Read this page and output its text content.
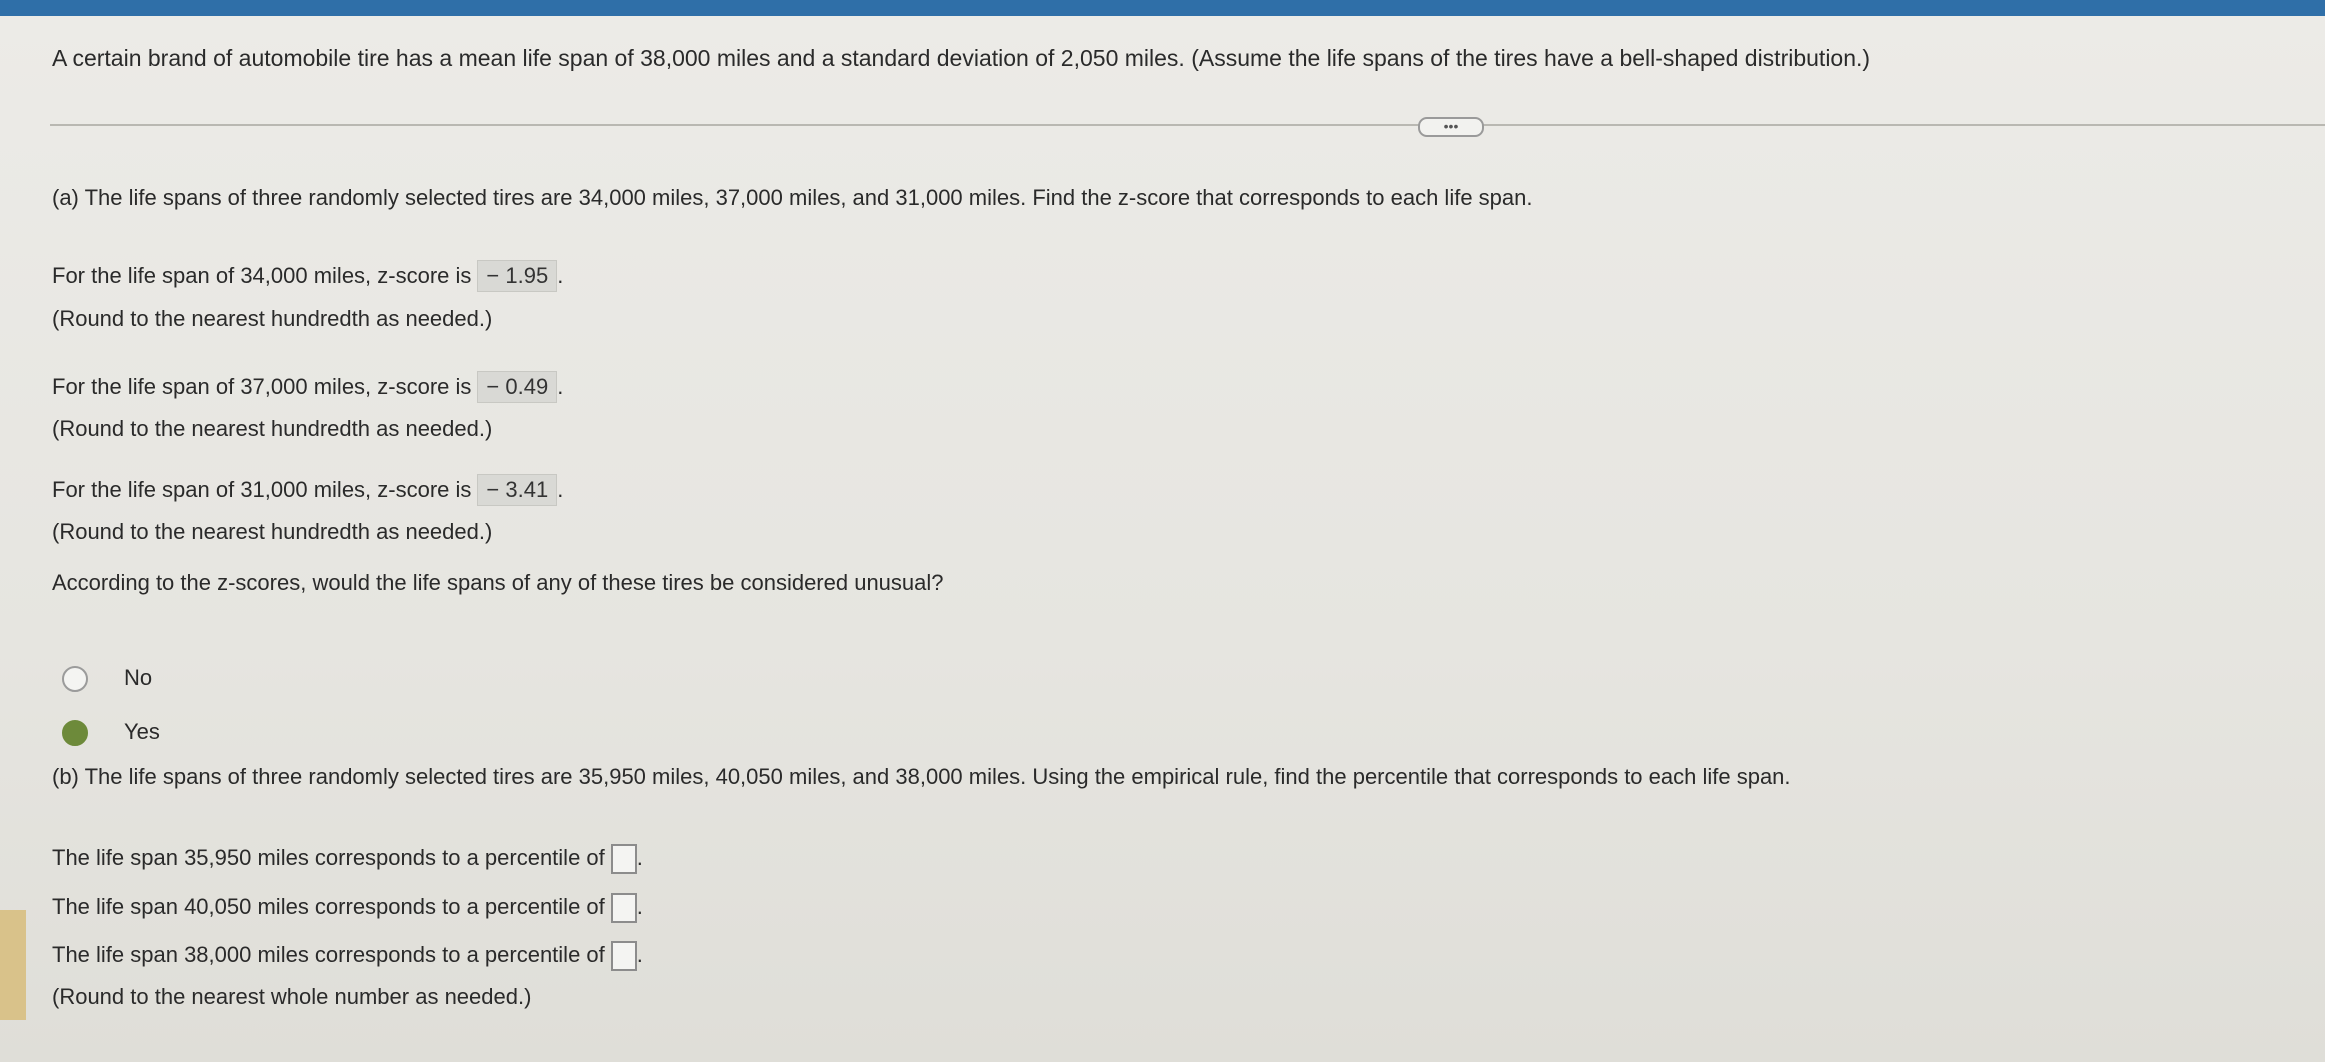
A certain brand of automobile tire has a mean life span of 38,000 miles and a standard deviation of 2,050 miles. (Assume the life spans of the tires have a bell-shaped distribution.)
•••
(a) The life spans of three randomly selected tires are 34,000 miles, 37,000 miles, and 31,000 miles. Find the z-score that corresponds to each life span.
For the life span of 34,000 miles, z-score is − 1.95 .
(Round to the nearest hundredth as needed.)
For the life span of 37,000 miles, z-score is − 0.49 .
(Round to the nearest hundredth as needed.)
For the life span of 31,000 miles, z-score is − 3.41 .
(Round to the nearest hundredth as needed.)
According to the z-scores, would the life spans of any of these tires be considered unusual?
No
Yes
(b) The life spans of three randomly selected tires are 35,950 miles, 40,050 miles, and 38,000 miles. Using the empirical rule, find the percentile that corresponds to each life span.
The life span 35,950 miles corresponds to a percentile of .
The life span 40,050 miles corresponds to a percentile of .
The life span 38,000 miles corresponds to a percentile of .
(Round to the nearest whole number as needed.)
